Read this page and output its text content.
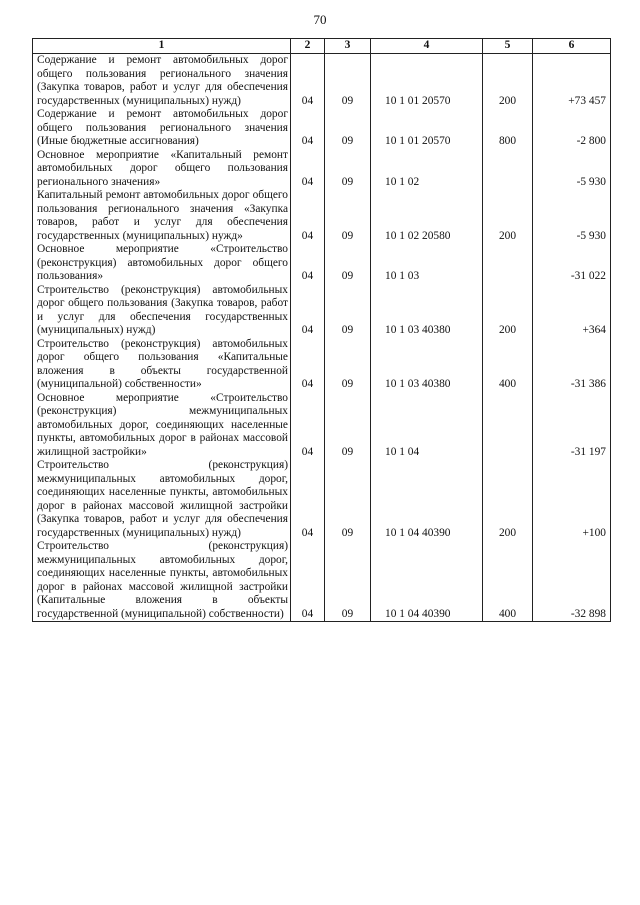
70
1	2	3	4	5	6
Содержание и ремонт автомобильных дорог общего пользования регионального значения (Закупка товаров, работ и услуг для обеспечения государственных (муниципальных) нужд)	04	09	10 1 01 20570	200	+73 457
Содержание и ремонт автомобильных дорог общего пользования регионального значения (Иные бюджетные ассигнования)	04	09	10 1 01 20570	800	-2 800
Основное мероприятие «Капитальный ремонт автомобильных дорог общего пользования регионального значения»	04	09	10 1 02		-5 930
Капитальный ремонт автомобильных дорог общего пользования регионального значения «Закупка товаров, работ и услуг для обеспечения государственных (муниципальных) нужд»	04	09	10 1 02 20580	200	-5 930
Основное мероприятие «Строительство (реконструкция) автомобильных дорог общего пользования»	04	09	10 1 03		-31 022
Строительство (реконструкция) автомобильных дорог общего пользования (Закупка товаров, работ и услуг для обеспечения государственных (муниципальных) нужд)	04	09	10 1 03 40380	200	+364
Строительство (реконструкция) автомобильных дорог общего пользования «Капитальные вложения в объекты государственной (муниципальной) собственности»	04	09	10 1 03 40380	400	-31 386
Основное мероприятие «Строительство (реконструкция) межмуниципальных автомобильных дорог, соединяющих населенные пункты, автомобильных дорог в районах массовой жилищной застройки»	04	09	10 1 04		-31 197
Строительство (реконструкция) межмуниципальных автомобильных дорог, соединяющих населенные пункты, автомобильных дорог в районах массовой жилищной застройки (Закупка товаров, работ и услуг для обеспечения государственных (муниципальных) нужд)	04	09	10 1 04 40390	200	+100
Строительство (реконструкция) межмуниципальных автомобильных дорог, соединяющих населенные пункты, автомобильных дорог в районах массовой жилищной застройки (Капитальные вложения в объекты государственной (муниципальной) собственности)	04	09	10 1 04 40390	400	-32 898
